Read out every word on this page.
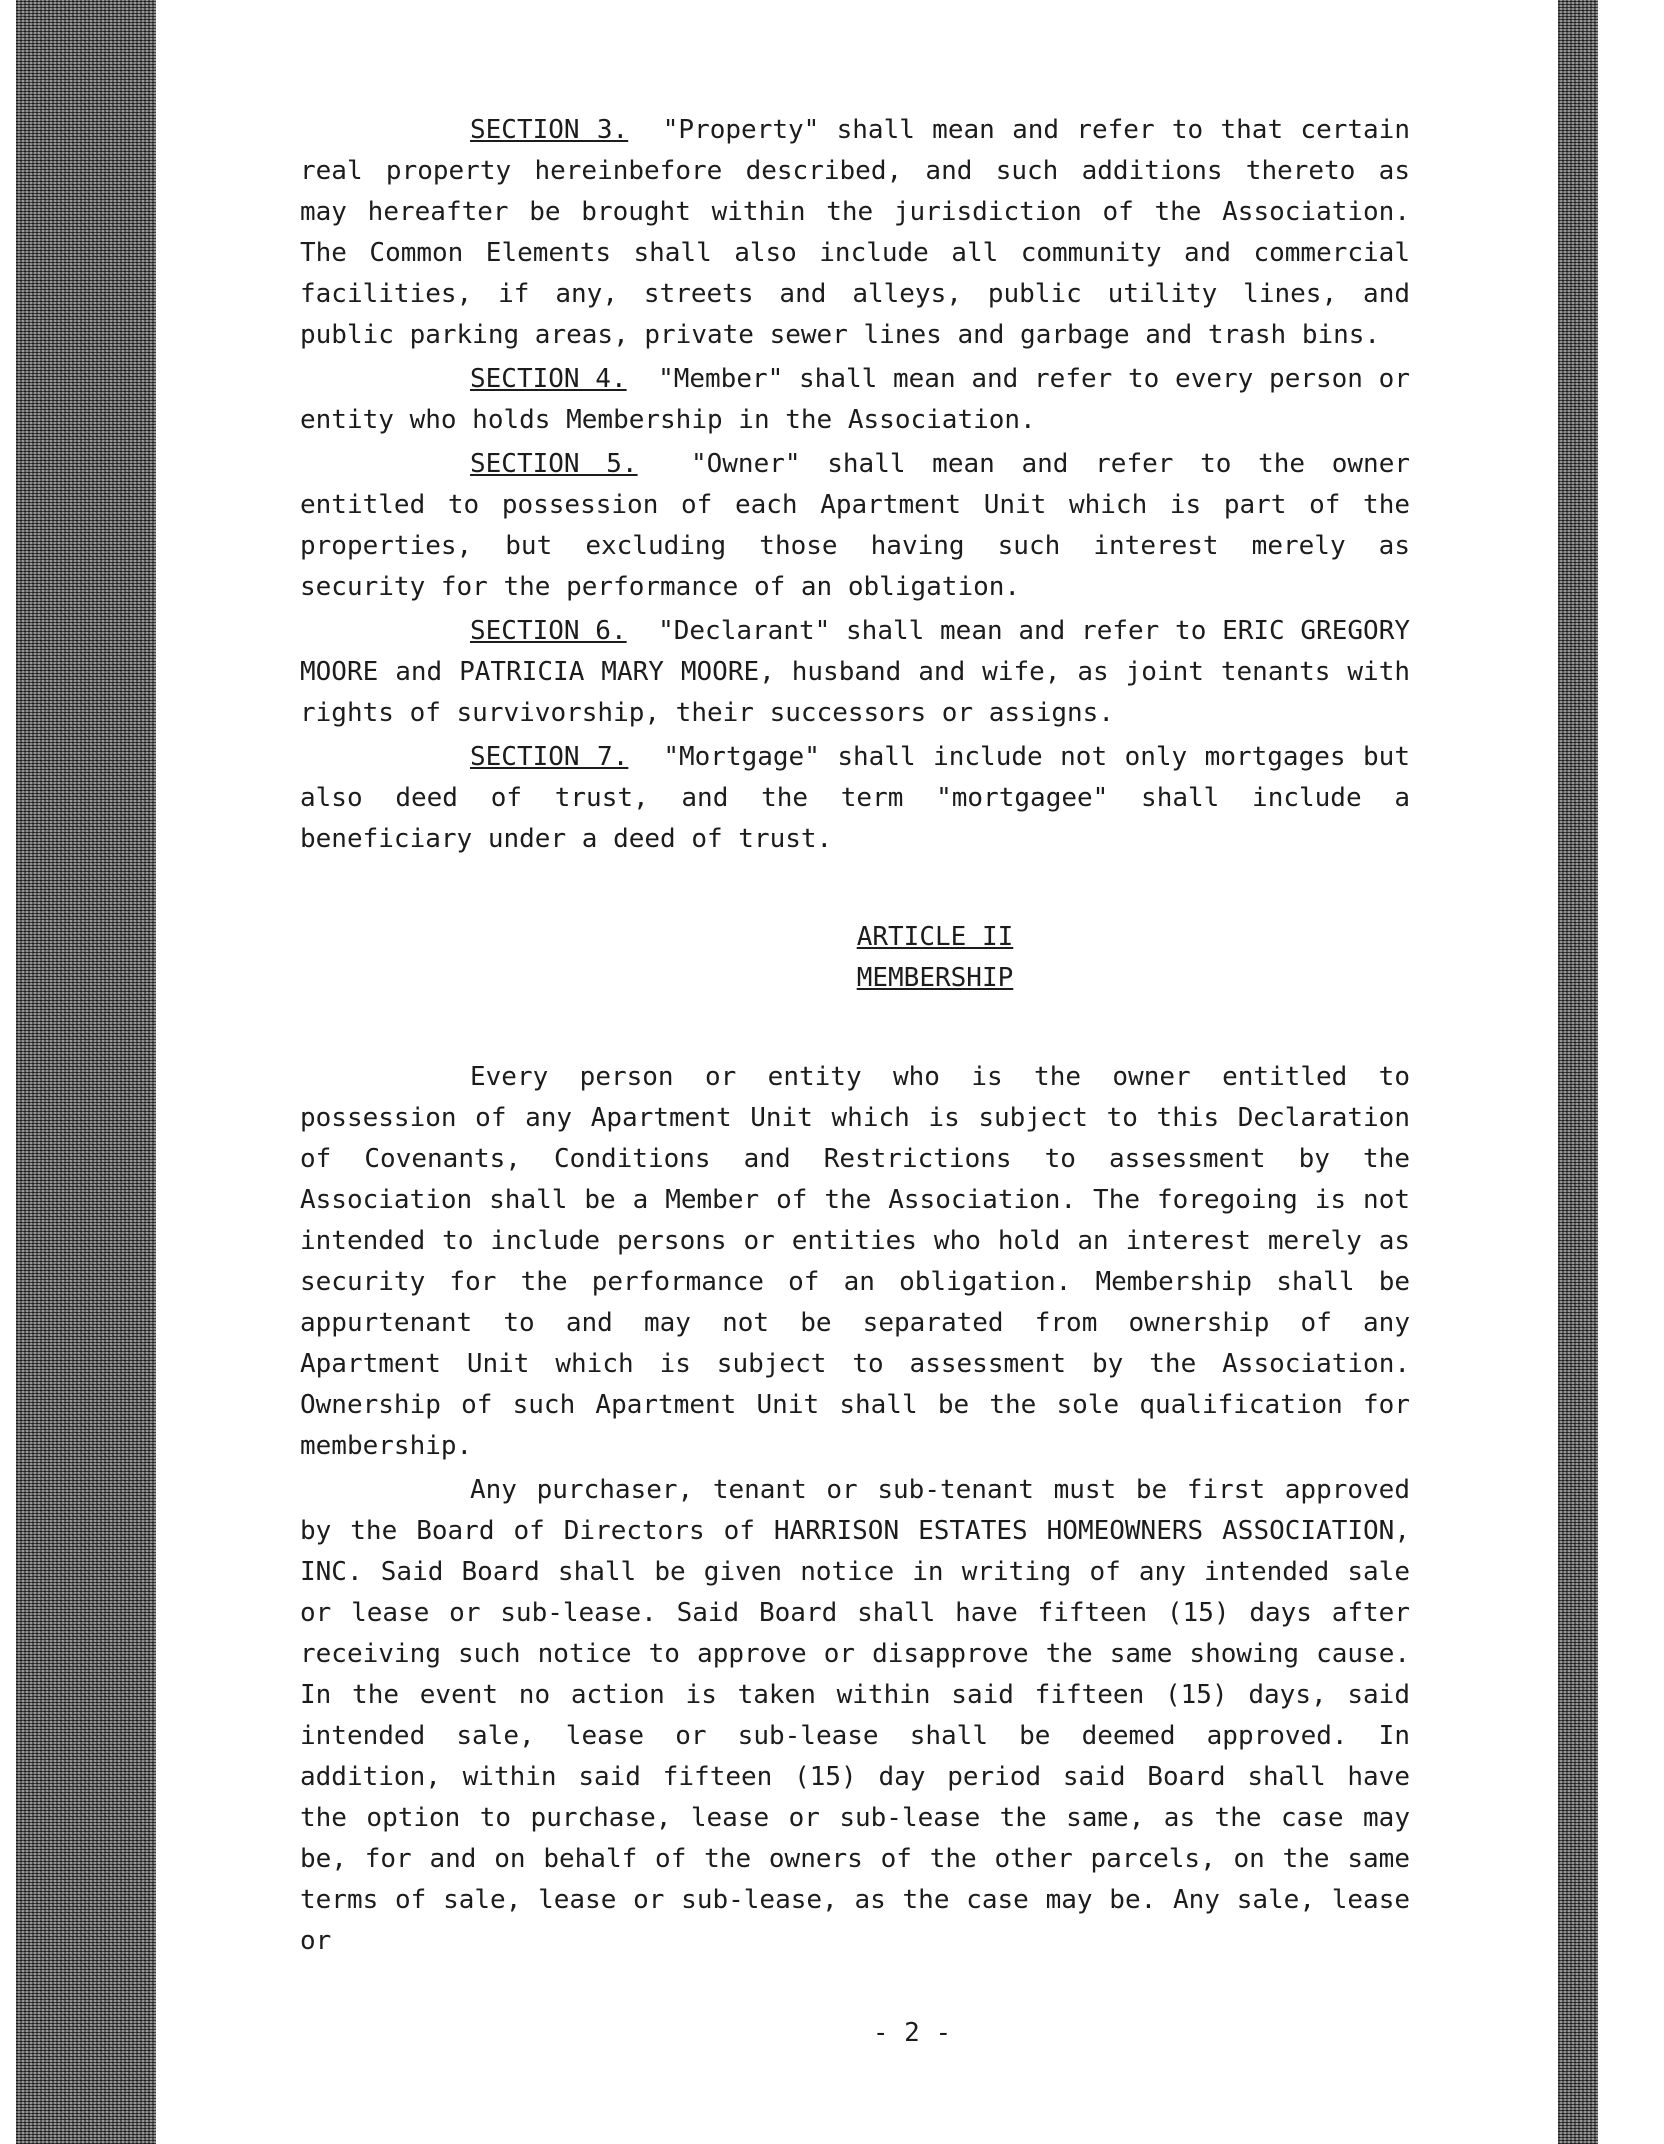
SECTION 3. "Property" shall mean and refer to that certain real property hereinbefore described, and such additions thereto as may hereafter be brought within the jurisdiction of the Association. The Common Elements shall also include all community and commercial facilities, if any, streets and alleys, public utility lines, and public parking areas, private sewer lines and garbage and trash bins.

SECTION 4. "Member" shall mean and refer to every person or entity who holds Membership in the Association.

SECTION 5. "Owner" shall mean and refer to the owner entitled to possession of each Apartment Unit which is part of the properties, but excluding those having such interest merely as security for the performance of an obligation.

SECTION 6. "Declarant" shall mean and refer to ERIC GREGORY MOORE and PATRICIA MARY MOORE, husband and wife, as joint tenants with rights of survivorship, their successors or assigns.

SECTION 7. "Mortgage" shall include not only mortgages but also deed of trust, and the term "mortgagee" shall include a beneficiary under a deed of trust.

ARTICLE II

MEMBERSHIP

Every person or entity who is the owner entitled to possession of any Apartment Unit which is subject to this Declaration of Covenants, Conditions and Restrictions to assessment by the Association shall be a Member of the Association. The foregoing is not intended to include persons or entities who hold an interest merely as security for the performance of an obligation. Membership shall be appurtenant to and may not be separated from ownership of any Apartment Unit which is subject to assessment by the Association. Ownership of such Apartment Unit shall be the sole qualification for membership.

Any purchaser, tenant or sub-tenant must be first approved by the Board of Directors of HARRISON ESTATES HOMEOWNERS ASSOCIATION, INC. Said Board shall be given notice in writing of any intended sale or lease or sub-lease. Said Board shall have fifteen (15) days after receiving such notice to approve or disapprove the same showing cause. In the event no action is taken within said fifteen (15) days, said intended sale, lease or sub-lease shall be deemed approved. In addition, within said fifteen (15) day period said Board shall have the option to purchase, lease or sub-lease the same, as the case may be, for and on behalf of the owners of the other parcels, on the same terms of sale, lease or sub-lease, as the case may be. Any sale, lease or

- 2 -
